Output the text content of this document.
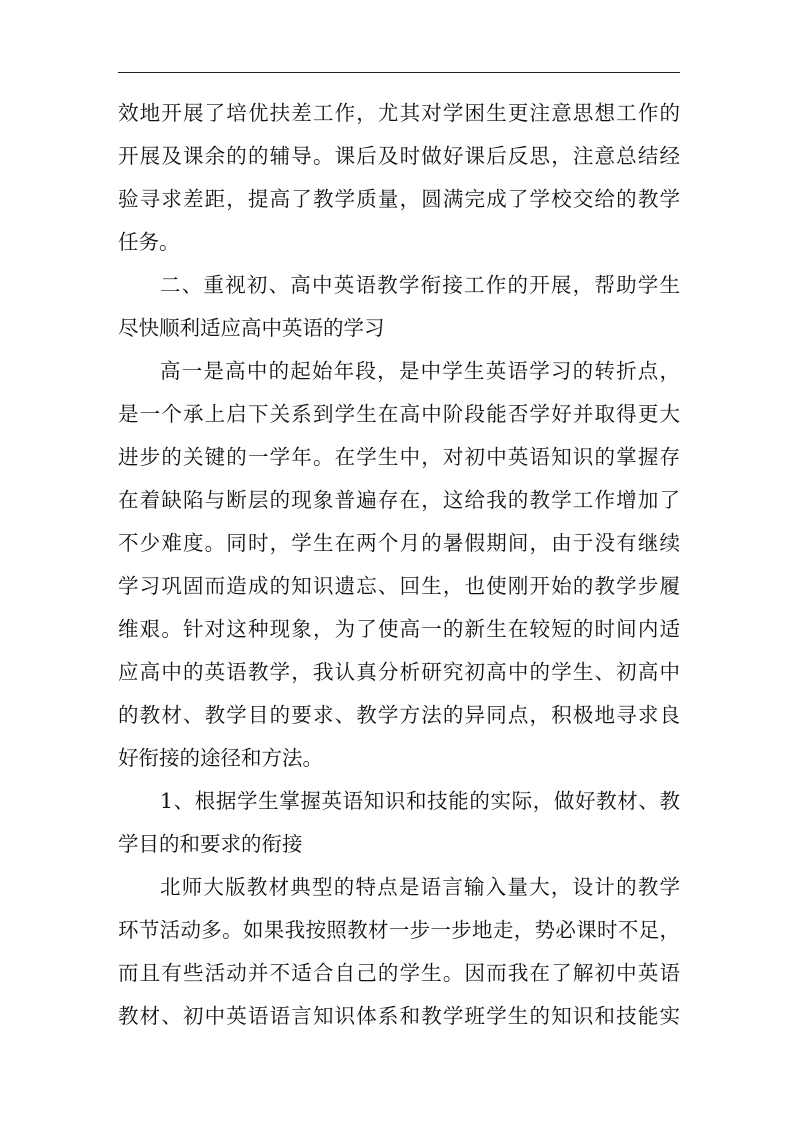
效地开展了培优扶差工作，尤其对学困生更注意思想工作的
开展及课余的的辅导。课后及时做好课后反思，注意总结经
验寻求差距，提高了教学质量，圆满完成了学校交给的教学
任务。
二、重视初、高中英语教学衔接工作的开展，帮助学生
尽快顺利适应高中英语的学习
高一是高中的起始年段，是中学生英语学习的转折点，
是一个承上启下关系到学生在高中阶段能否学好并取得更大
进步的关键的一学年。在学生中，对初中英语知识的掌握存
在着缺陷与断层的现象普遍存在，这给我的教学工作增加了
不少难度。同时，学生在两个月的暑假期间，由于没有继续
学习巩固而造成的知识遗忘、回生，也使刚开始的教学步履
维艰。针对这种现象，为了使高一的新生在较短的时间内适
应高中的英语教学，我认真分析研究初高中的学生、初高中
的教材、教学目的要求、教学方法的异同点，积极地寻求良
好衔接的途径和方法。
1、根据学生掌握英语知识和技能的实际，做好教材、教
学目的和要求的衔接
北师大版教材典型的特点是语言输入量大，设计的教学
环节活动多。如果我按照教材一步一步地走，势必课时不足，
而且有些活动并不适合自己的学生。因而我在了解初中英语
教材、初中英语语言知识体系和教学班学生的知识和技能实
